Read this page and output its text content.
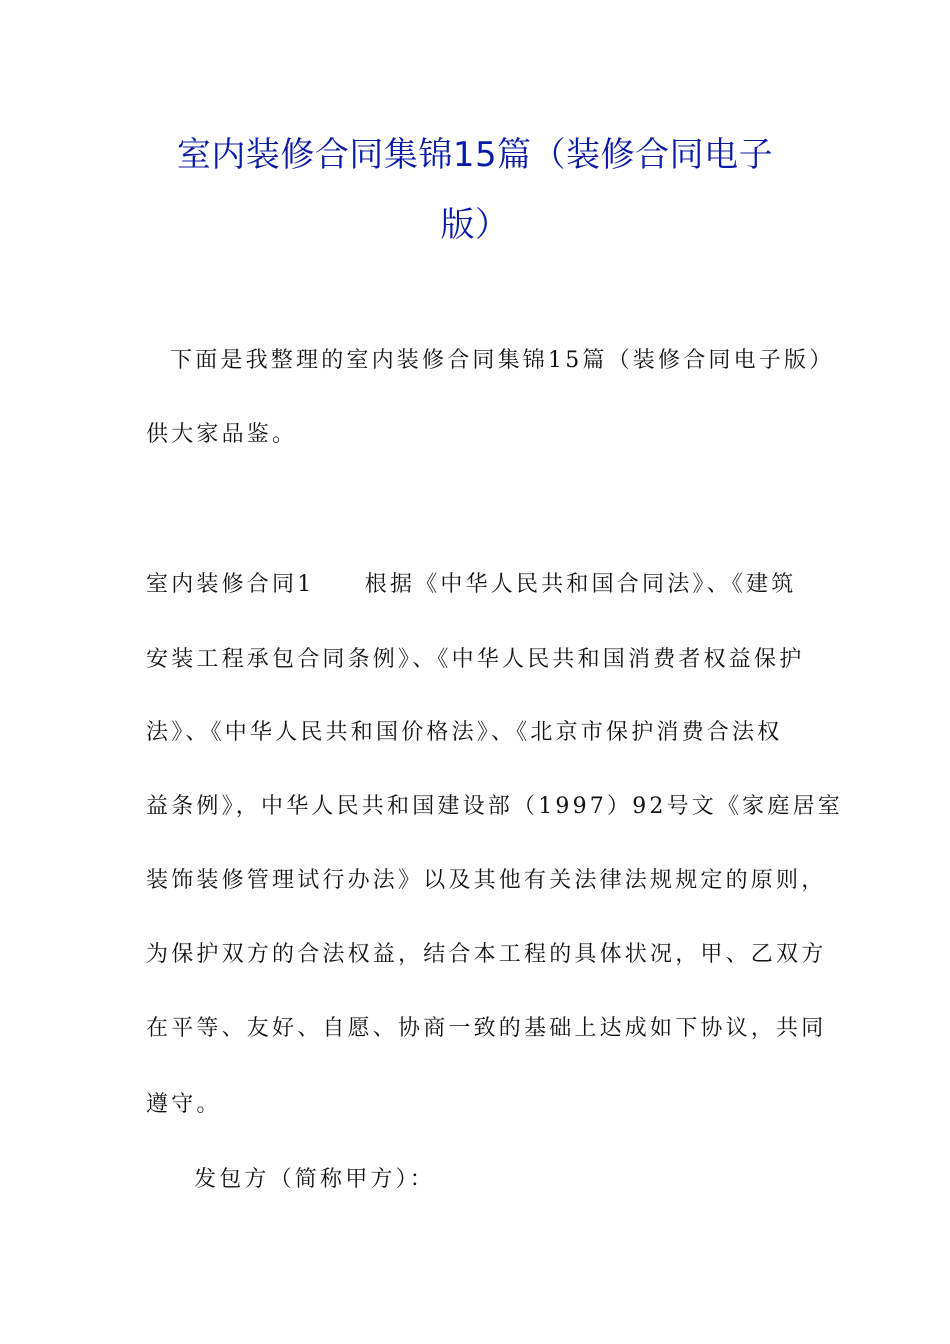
室内装修合同集锦15篇（装修合同电子
版）
下面是我整理的室内装修合同集锦15篇（装修合同电子版）
供大家品鉴。
室内装修合同1　　根据《中华人民共和国合同法》、《建筑
安装工程承包合同条例》、《中华人民共和国消费者权益保护
法》、《中华人民共和国价格法》、《北京市保护消费合法权
益条例》，中华人民共和国建设部（1997）92号文《家庭居室
装饰装修管理试行办法》以及其他有关法律法规规定的原则，
为保护双方的合法权益，结合本工程的具体状况，甲、乙双方
在平等、友好、自愿、协商一致的基础上达成如下协议，共同
遵守。
发包方（简称甲方）：
